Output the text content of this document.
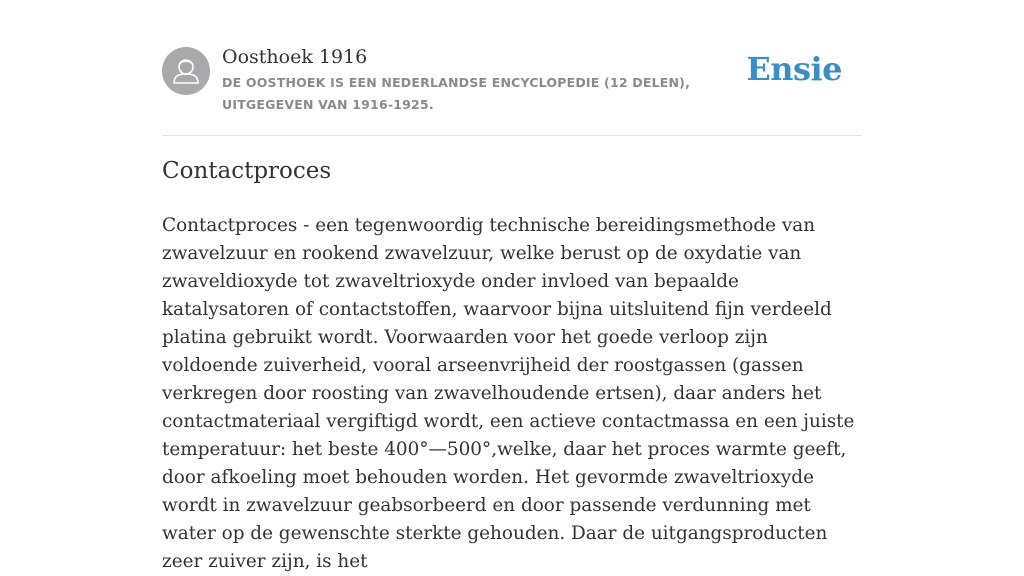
Oosthoek 1916
DE OOSTHOEK IS EEN NEDERLANDSE ENCYCLOPEDIE (12 DELEN), UITGEGEVEN VAN 1916-1925.
Ensie
Contactproces

Contactproces - een tegenwoordig technische bereidingsmethode van zwavelzuur en rookend zwavelzuur, welke berust op de oxydatie van zwaveldioxyde tot zwaveltrioxyde onder invloed van bepaalde katalysatoren of contactstoffen, waarvoor bijna uitsluitend fijn verdeeld platina gebruikt wordt. Voorwaarden voor het goede verloop zijn voldoende zuiverheid, vooral arseenvrijheid der roostgassen (gassen verkregen door roosting van zwavelhoudende ertsen), daar anders het contactmateriaal vergiftigd wordt, een actieve contactmassa en een juiste temperatuur: het beste 400°—500°,welke, daar het proces warmte geeft, door afkoeling moet behouden worden. Het gevormde zwaveltrioxyde wordt in zwavelzuur geabsorbeerd en door passende verdunning met water op de gewenschte sterkte gehouden. Daar de uitgangsproducten zeer zuiver zijn, is het
